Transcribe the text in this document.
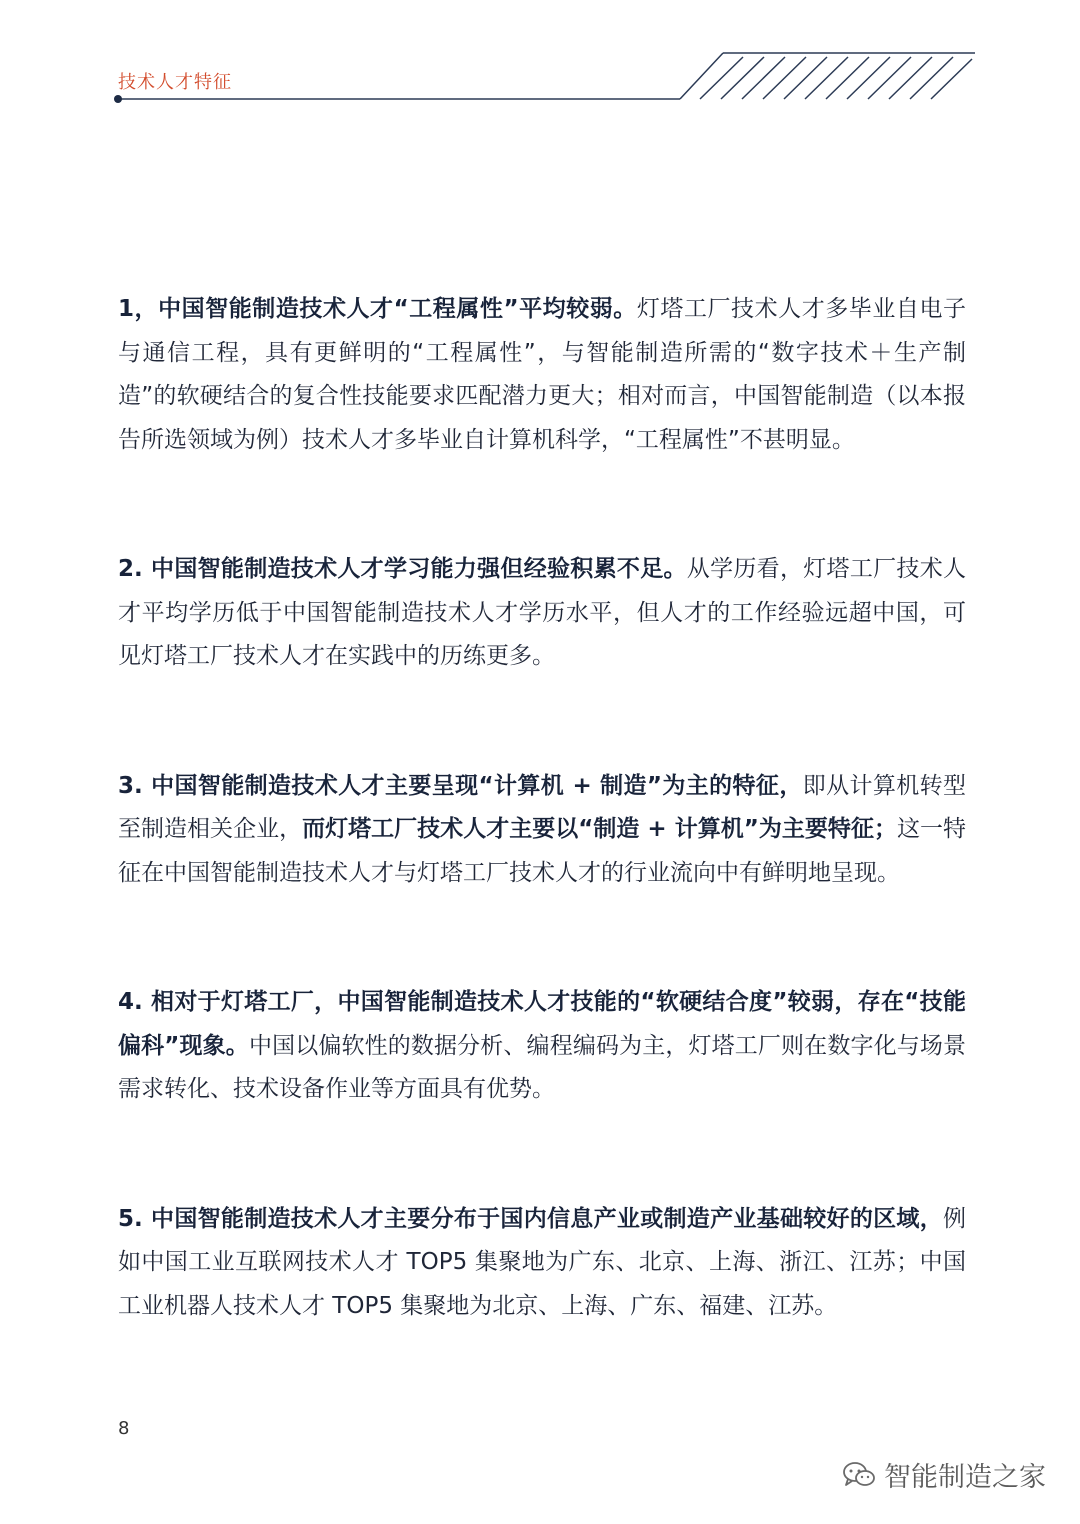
技术人才特征

1，中国智能制造技术人才“工程属性”平均较弱。灯塔工厂技术人才多毕业自电子与通信工程，具有更鲜明的“工程属性”，与智能制造所需的“数字技术＋生产制造”的软硬结合的复合性技能要求匹配潜力更大；相对而言，中国智能制造（以本报告所选领域为例）技术人才多毕业自计算机科学，“工程属性”不甚明显。

2. 中国智能制造技术人才学习能力强但经验积累不足。从学历看，灯塔工厂技术人才平均学历低于中国智能制造技术人才学历水平，但人才的工作经验远超中国，可见灯塔工厂技术人才在实践中的历练更多。

3. 中国智能制造技术人才主要呈现“计算机 + 制造”为主的特征，即从计算机转型至制造相关企业，而灯塔工厂技术人才主要以“制造 + 计算机”为主要特征；这一特征在中国智能制造技术人才与灯塔工厂技术人才的行业流向中有鲜明地呈现。

4. 相对于灯塔工厂，中国智能制造技术人才技能的“软硬结合度”较弱，存在“技能偏科”现象。中国以偏软性的数据分析、编程编码为主，灯塔工厂则在数字化与场景需求转化、技术设备作业等方面具有优势。

5. 中国智能制造技术人才主要分布于国内信息产业或制造产业基础较好的区域，例如中国工业互联网技术人才 TOP5 集聚地为广东、北京、上海、浙江、江苏；中国工业机器人技术人才 TOP5 集聚地为北京、上海、广东、福建、江苏。

8
智能制造之家
